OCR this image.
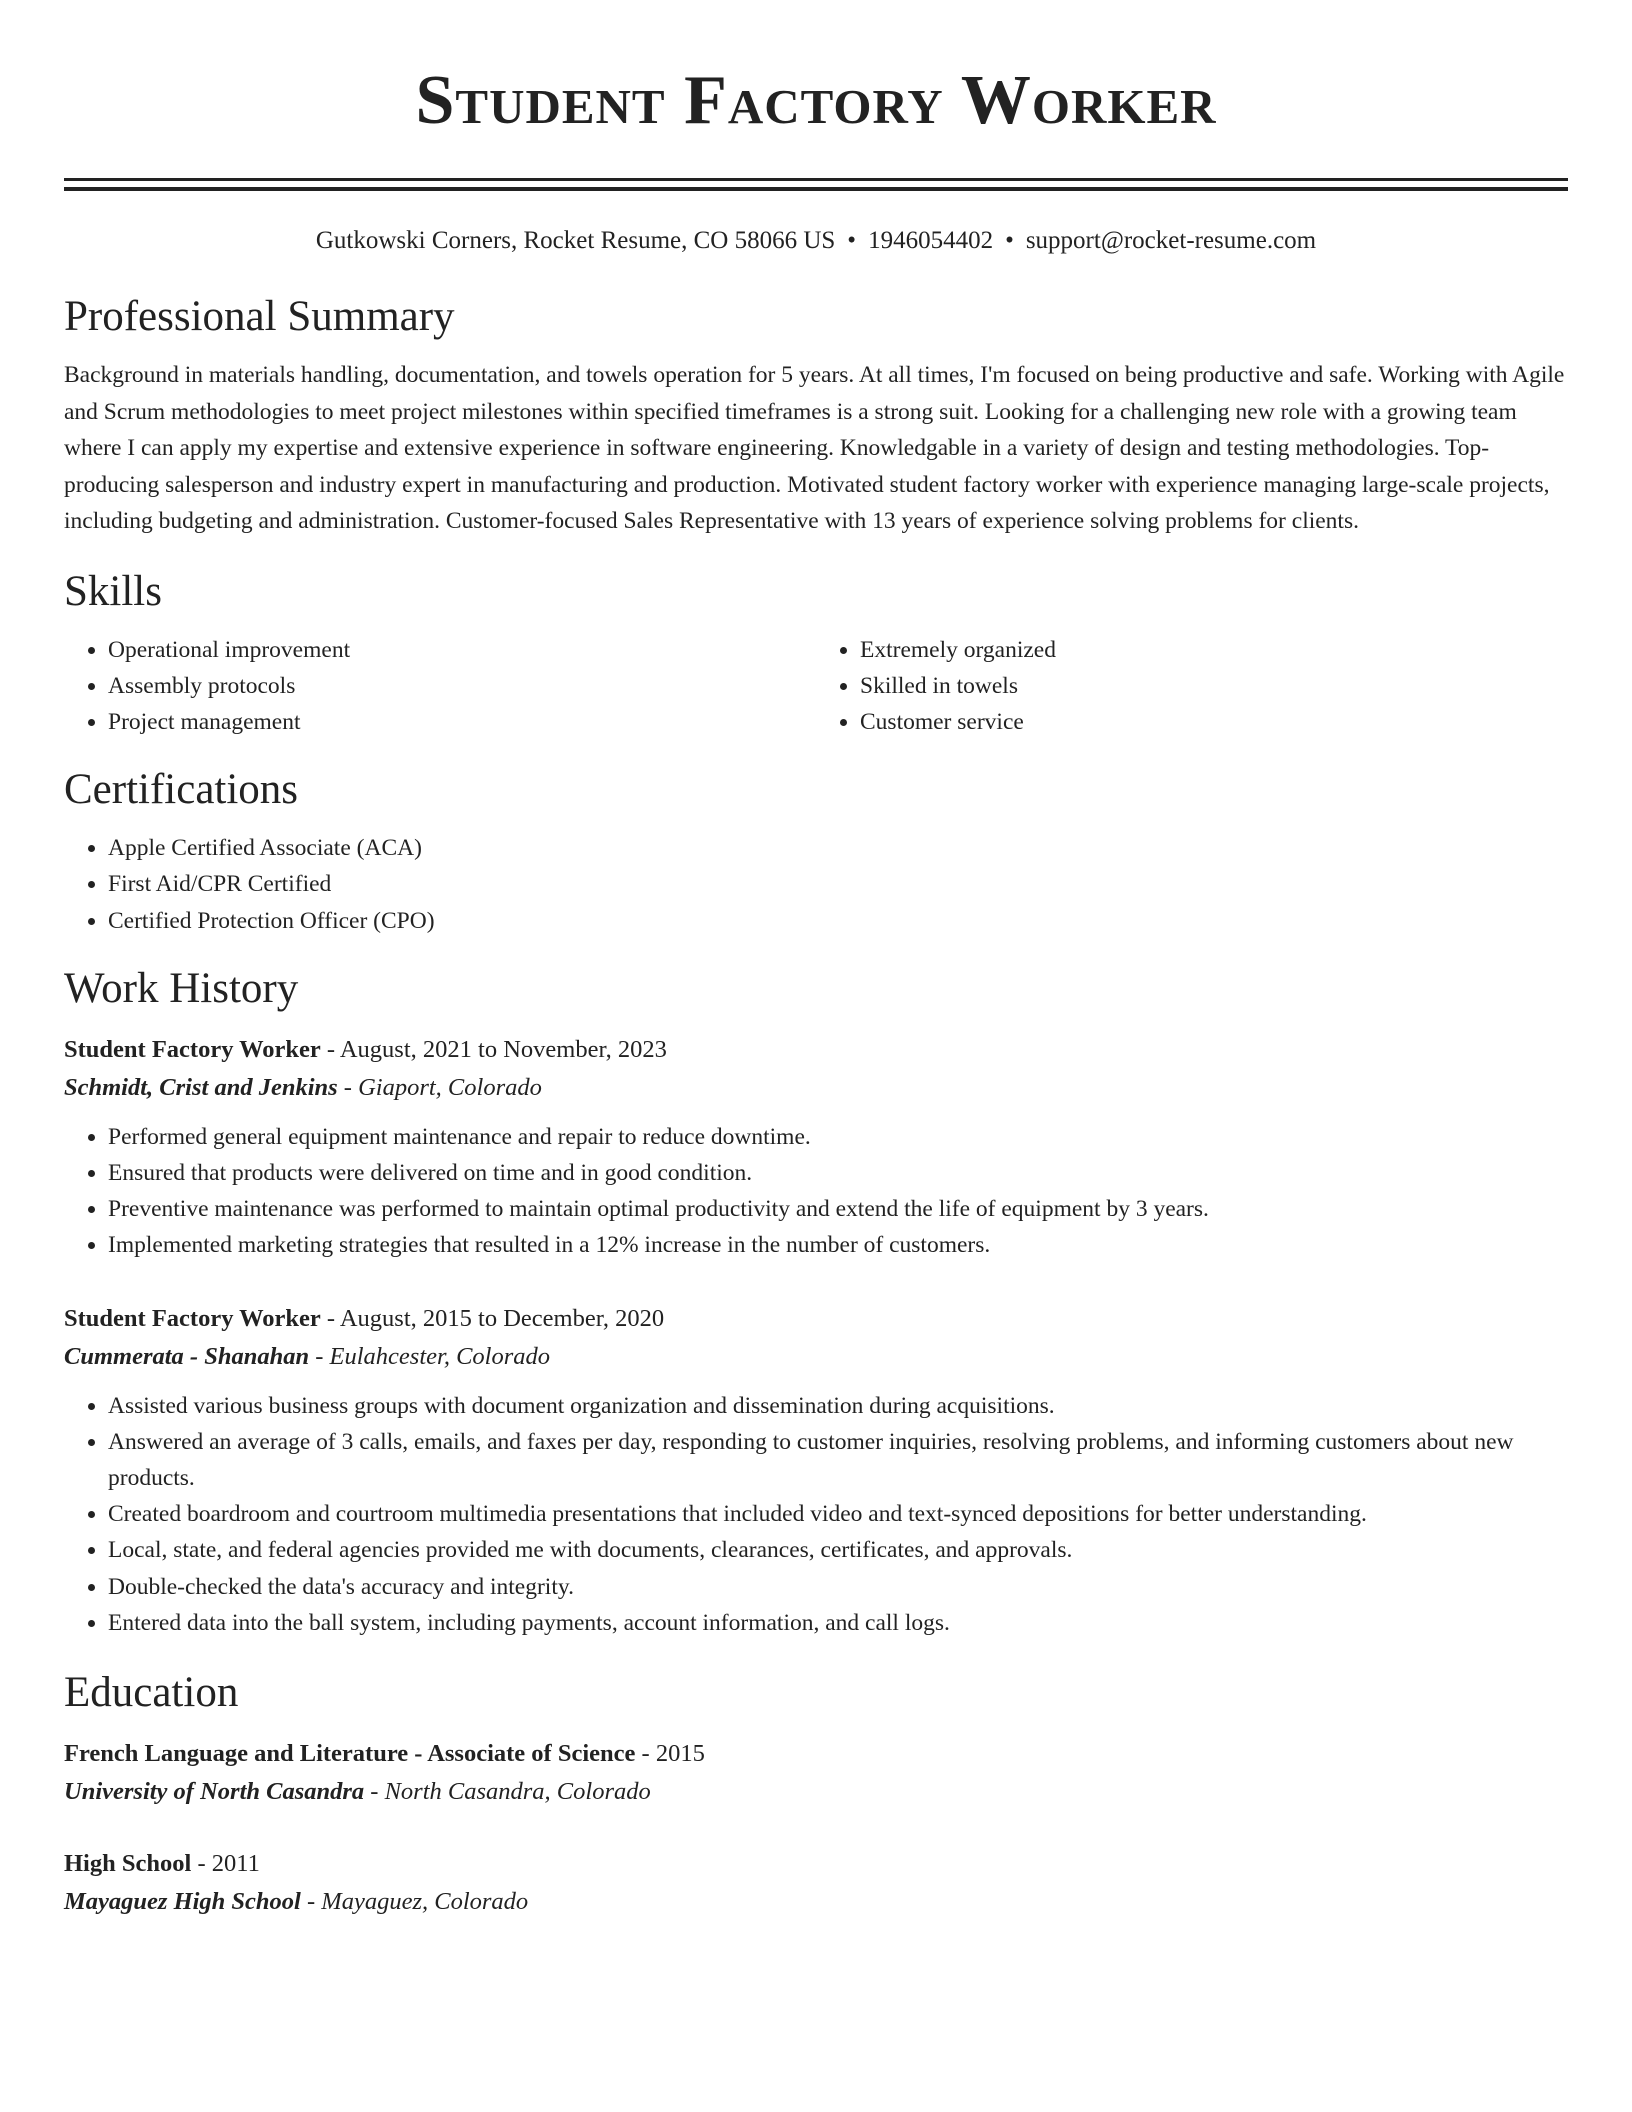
Student Factory Worker
Gutkowski Corners, Rocket Resume, CO 58066 US • 1946054402 • support@rocket-resume.com
Professional Summary
Background in materials handling, documentation, and towels operation for 5 years. At all times, I'm focused on being productive and safe. Working with Agile and Scrum methodologies to meet project milestones within specified timeframes is a strong suit. Looking for a challenging new role with a growing team where I can apply my expertise and extensive experience in software engineering. Knowledgable in a variety of design and testing methodologies. Top-producing salesperson and industry expert in manufacturing and production. Motivated student factory worker with experience managing large-scale projects, including budgeting and administration. Customer-focused Sales Representative with 13 years of experience solving problems for clients.
Skills
• Operational improvement
• Assembly protocols
• Project management
• Extremely organized
• Skilled in towels
• Customer service
Certifications
• Apple Certified Associate (ACA)
• First Aid/CPR Certified
• Certified Protection Officer (CPO)
Work History
Student Factory Worker - August, 2021 to November, 2023
Schmidt, Crist and Jenkins - Giaport, Colorado
• Performed general equipment maintenance and repair to reduce downtime.
• Ensured that products were delivered on time and in good condition.
• Preventive maintenance was performed to maintain optimal productivity and extend the life of equipment by 3 years.
• Implemented marketing strategies that resulted in a 12% increase in the number of customers.
Student Factory Worker - August, 2015 to December, 2020
Cummerata - Shanahan - Eulahcester, Colorado
• Assisted various business groups with document organization and dissemination during acquisitions.
• Answered an average of 3 calls, emails, and faxes per day, responding to customer inquiries, resolving problems, and informing customers about new products.
• Created boardroom and courtroom multimedia presentations that included video and text-synced depositions for better understanding.
• Local, state, and federal agencies provided me with documents, clearances, certificates, and approvals.
• Double-checked the data's accuracy and integrity.
• Entered data into the ball system, including payments, account information, and call logs.
Education
French Language and Literature - Associate of Science - 2015
University of North Casandra - North Casandra, Colorado
High School - 2011
Mayaguez High School - Mayaguez, Colorado
